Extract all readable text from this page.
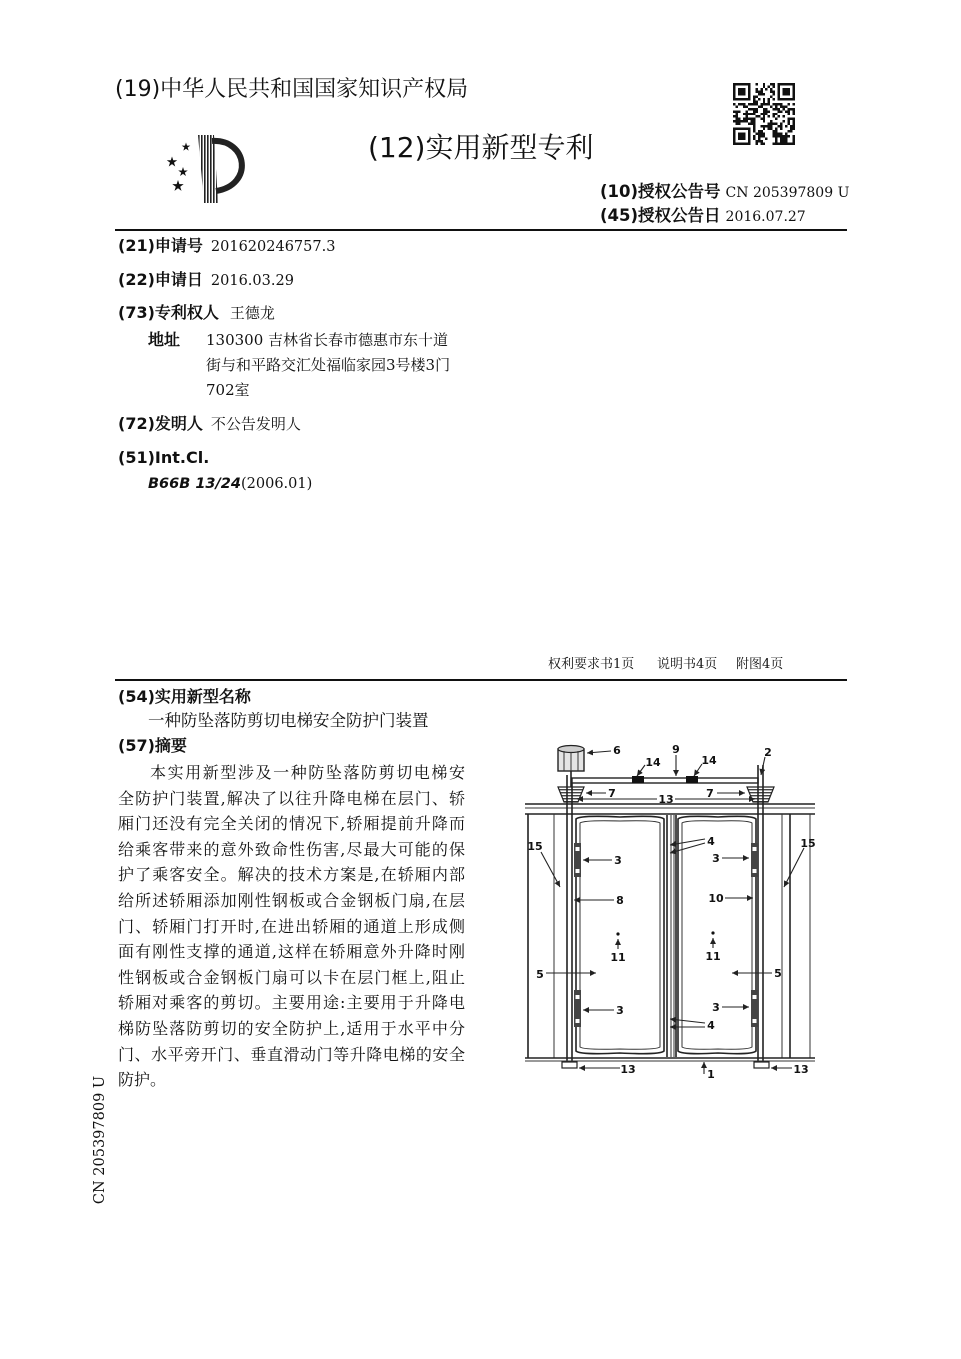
(19)中华人民共和国国家知识产权局
(12)实用新型专利
(10)授权公告号 CN 205397809 U
(45)授权公告日 2016.07.27
(21)申请号 201620246757.3
(22)申请日 2016.03.29
(73)专利权人 王德龙
地址 130300 吉林省长春市德惠市东十道
街与和平路交汇处福临家园3号楼3门
702室
(72)发明人 不公告发明人
(51)Int.Cl.
B66B 13/24(2006.01)
权利要求书1页 说明书4页 附图4页
(54)实用新型名称
一种防坠落防剪切电梯安全防护门装置
(57)摘要
本实用新型涉及一种防坠落防剪切电梯安
全防护门装置,解决了以往升降电梯在层门、轿
厢门还没有完全关闭的情况下,轿厢提前升降而
给乘客带来的意外致命性伤害,尽最大可能的保
护了乘客安全。解决的技术方案是,在轿厢内部
给所述轿厢添加刚性钢板或合金钢板门扇,在层
门、轿厢门打开时,在进出轿厢的通道上形成侧
面有刚性支撑的通道,这样在轿厢意外升降时刚
性钢板或合金钢板门扇可以卡在层门框上,阻止
轿厢对乘客的剪切。主要用途:主要用于升降电
梯防坠落防剪切的安全防护上,适用于水平中分
门、水平旁开门、垂直滑动门等升降电梯的安全
防护。
CN 205397809 U
6	9
14	14
2
7	13	7
15	15
3
4
3
8	10
11	11
5	5
3	3
4
13	1	13
